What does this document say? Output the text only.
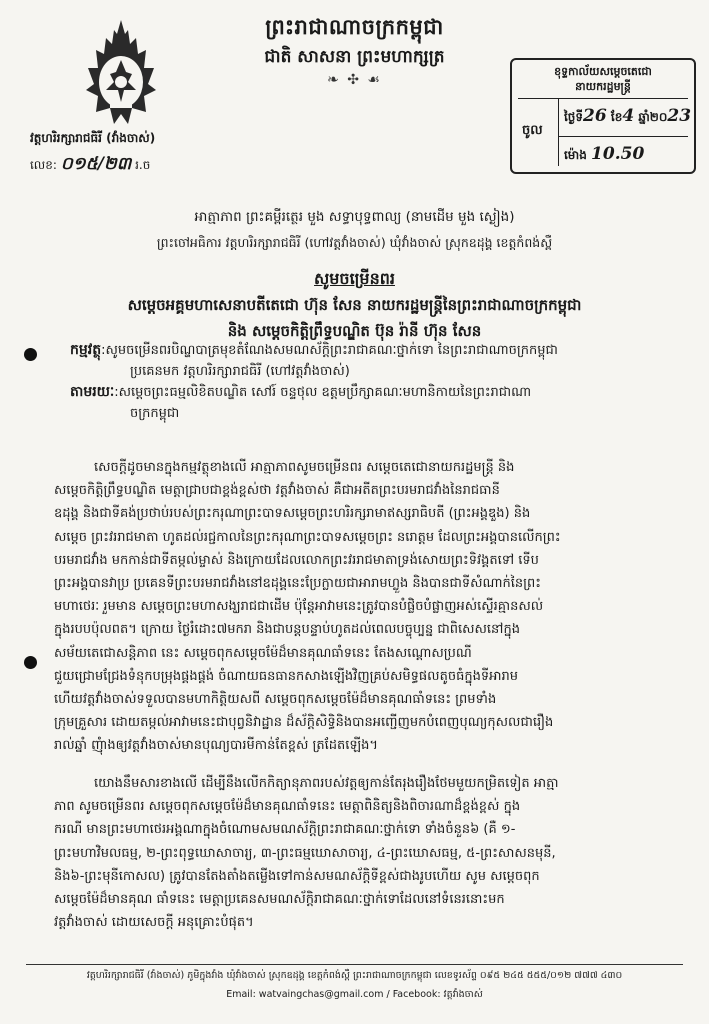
ព្រះរាជាណាចក្រកម្ពុជា
ជាតិ សាសនា ព្រះមហាក្សត្រ
❧ ✣ ☙
វត្តហរិរក្សារាជធិរី (វាំងចាស់)
លេខ: ០១៥/២៣ រ.ច
ខុទ្ទកាល័យសម្ដេចតេជោ
នាយករដ្ឋមន្ត្រី
ចូល
ថ្ងៃទី26 ខែ4 ឆ្នាំ២០23
ម៉ោង 10.50
អាត្មាភាព ព្រះគម្ពីរត្ថេរ មួង សទ្ធាបុទ្ធពាល្យ (នាមដើម មួង ស្ងៀង)
ព្រះចៅអធិការ វត្តហរិរក្សារាជធិរី (ហៅវត្តវាំងចាស់) ឃុំវាំងចាស់ ស្រុកឧដុង្គ ខេត្តកំពង់ស្ពឺ
សូមចម្រើនពរ
សម្ដេចអគ្គមហាសេនាបតីតេជោ ហ៊ុន សែន នាយករដ្ឋមន្ត្រីនៃព្រះរាជាណាចក្រកម្ពុជា
និង សម្ដេចកិត្តិព្រឹទ្ធបណ្ឌិត ប៊ុន រ៉ានី ហ៊ុន សែន
កម្មវត្ថុ:សូមចម្រើនពរបិណ្ឌបាត្រមុខតំណែងសមណស័ក្តិព្រះរាជាគណៈថ្នាក់ទោ នៃព្រះរាជាណាចក្រកម្ពុជា
ប្រគេនមក វត្តហរិរក្សារាជធិរី (ហៅវត្តវាំងចាស់)
តាមរយៈ:សម្ដេចព្រះធម្មលិខិតបណ្ឌិត សៅរ៍ ចន្ទថុល ឧត្តមប្រឹក្សាគណៈមហានិកាយនៃព្រះរាជាណា
ចក្រកម្ពុជា
សេចក្ដីដូចមានក្នុងកម្មវត្ថុខាងលើ អាត្មាភាពសូមចម្រើនពរ សម្ដេចតេជោនាយករដ្ឋមន្ត្រី និង
សម្ដេចកិត្តិព្រឹទ្ធបណ្ឌិត មេត្តាជ្រាបជាខ្ពង់ខ្ពស់ថា វត្តវាំងចាស់ គឺជាអតីតព្រះបរមរាជវាំងនៃរាជធានី
ឧដុង្គ និងជាទីគង់ប្រថាប់របស់ព្រះករុណាព្រះបាទសម្ដេចព្រះហរិរក្សរាមាឥស្សរាធិបតី (ព្រះអង្គឌួង) និង
សម្ដេច ព្រះវររាជមាតា ហូតដល់រជ្ជកាលនៃព្រះករុណាព្រះបាទសម្ដេចព្រះ នរោត្ដម ដែលព្រះអង្គបានលើកព្រះ
បរមរាជវាំង មកកាន់ជាទីតម្កល់ម្ចាស់ និងក្រោយដែលលោកព្រះវររាជមាតាទ្រង់សោយព្រះទិវង្គតទៅ ទើប
ព្រះអង្គបានវាប្រ ប្រគេនទីព្រះបរមរាជវាំងនៅឧដុង្គនេះប្រែក្លាយជាអារាមហ្លួង និងបានជាទីសំណាក់នៃព្រះ
មហាថេរៈ រួមមាន សម្ដេចព្រះមហាសង្ឃរាជជាដើម ប៉ុន្តែអាវាមនេះត្រូវបានបំផ្លិចបំផ្លាញអស់ស្ទើរគ្មានសល់
ក្នុងរបបប៉ុលពត។ ក្រោយ ថ្ងៃរំដោះ៧មករា និងជាបន្តបន្ទាប់ហូតដល់ពេលបច្ចុប្បន្ន ជាពិសេសនៅក្នុង
សម័យតេជោសន្តិភាព នេះ សម្ដេចពុកសម្ដេចម៉ែដ៏មានគុណធាំទនេះ តែងសណ្ដោសប្រណី
ជួយជ្រោមជ្រែងទំនុកបម្រុងផ្គងផ្គង់ ចំណាយធនធានកសាងឡើងវិញគ្រប់សមិទ្ធផលតូចធំក្នុងទីអារាម
ហើយវត្តវាំងចាស់ទទួលបានមហាកិត្តិយសពី សម្ដេចពុកសម្ដេចម៉ែដ៏មានគុណធាំទនេះ ព្រមទាំង
ក្រុមគ្រួសារ ដោយតម្កល់អាវាមនេះជាបុព្វនិវាដ្ឋាន ដ៏ស័ក្ដិសិទ្ធិនិងបានអញ្ជើញមកបំពេញបុណ្យកុសលជារឿង
រាល់ឆ្នាំ ញុំាងឲ្យវត្តវាំងចាស់មានបុណ្យបារមីកាន់តែខ្ពស់ ត្រដែតឡើង។
យោងនឹមសារខាងលើ ដើម្បីនឹងលើកកិត្យានុភាពរបស់វត្តឲ្យកាន់តែរុងរឿងថែមមួយកម្រិតទៀត អាត្មា
ភាព សូមចម្រើនពរ សម្ដេចពុកសម្ដេចម៉ែដ៏មានគុណធាំទនេះ មេត្តាពិនិត្យនិងពិចារណាដ៏ខ្ពង់ខ្ពស់ ក្នុង
ករណី មានព្រះមហាថេរអង្គណាក្នុងចំណោមសមណស័ក្តិព្រះរាជាគណៈថ្នាក់ទោ ទាំងចំនួន៦ (គឺ ១-
ព្រះមហាវិមលធម្ម, ២-ព្រះពុទ្ធឃោសាចារ្យ, ៣-ព្រះធម្មឃោសាចារ្យ, ៤-ព្រះឃោសធម្ម, ៥-ព្រះសាសនមុនី,
និង៦-ព្រះមុនីកោសល) ត្រូវបានតែងតាំងតម្លើងទៅកាន់សមណស័ក្តិទីខ្ពស់ជាងរូបហើយ សូម សម្ដេចពុក
សម្ដេចម៉ែដ៏មានគុណ ធាំទនេះ មេត្តាប្រគេនសមណស័ក្តិរាជាគណៈថ្នាក់ទោដែលនៅទំនេរនោះមក
វត្តវាំងចាស់ ដោយសេចក្ដី អនុគ្រោះបំផុត។
វត្តហរិរក្សារាជធិរី (វាំងចាស់) ភូមិក្នុងវាំង ឃុំវាំងចាស់ ស្រុកឧដុង្គ ខេត្តកំពង់ស្ពឺ ព្រះរាជាណាចក្រកម្ពុជា លេខទូរស័ព្ទ ០៩៥ ២៤៥ ៥៥៥/០១២ ៧៧៧ ៤៣០
Email: watvaingchas@gmail.com / Facebook: វត្តវាំងចាស់
